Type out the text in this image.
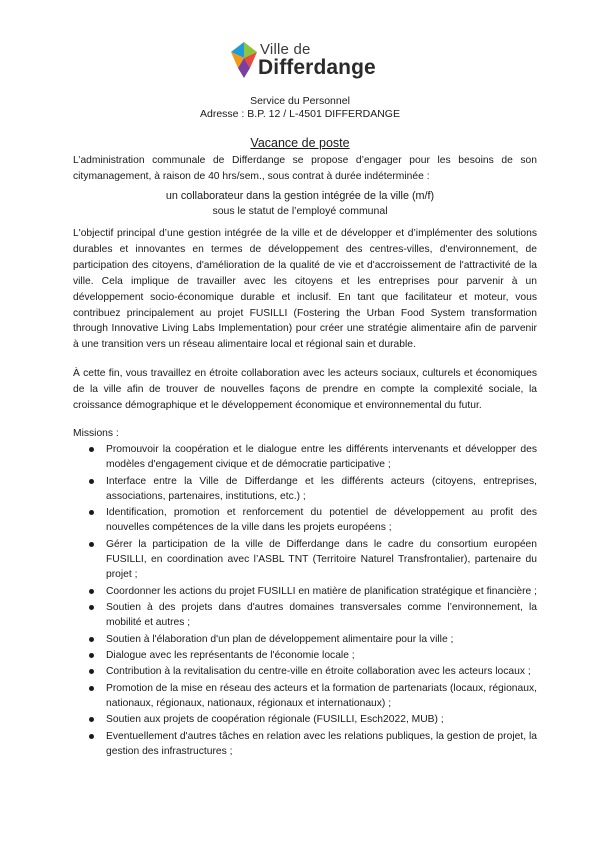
Ville de
Differdange
Service du Personnel
Adresse : B.P. 12 / L-4501 DIFFERDANGE
Vacance de poste
L’administration communale de Differdange se propose d’engager pour les besoins de son citymanagement, à raison de 40 hrs/sem., sous contrat à durée indéterminée :
un collaborateur dans la gestion intégrée de la ville (m/f)
sous le statut de l’employé communal
L'objectif principal d’une gestion intégrée de la ville et de développer et d’implémenter des solutions durables et innovantes en termes de développement des centres-villes, d'environnement, de participation des citoyens, d'amélioration de la qualité de vie et d'accroissement de l'attractivité de la ville. Cela implique de travailler avec les citoyens et les entreprises pour parvenir à un développement socio-économique durable et inclusif. En tant que facilitateur et moteur, vous contribuez principalement au projet FUSILLI (Fostering the Urban Food System transformation through Innovative Living Labs Implementation) pour créer une stratégie alimentaire afin de parvenir à une transition vers un réseau alimentaire local et régional sain et durable.
À cette fin, vous travaillez en étroite collaboration avec les acteurs sociaux, culturels et économiques de la ville afin de trouver de nouvelles façons de prendre en compte la complexité sociale, la croissance démographique et le développement économique et environnemental du futur.
Missions :
Promouvoir la coopération et le dialogue entre les différents intervenants et développer des modèles d'engagement civique et de démocratie participative ;
Interface entre la Ville de Differdange et les différents acteurs (citoyens, entreprises, associations, partenaires, institutions, etc.) ;
Identification, promotion et renforcement du potentiel de développement au profit des nouvelles compétences de la ville dans les projets européens ;
Gérer la participation de la ville de Differdange dans le cadre du consortium européen FUSILLI, en coordination avec l’ASBL TNT (Territoire Naturel Transfrontalier), partenaire du projet ;
Coordonner les actions du projet FUSILLI en matière de planification stratégique et financière ;
Soutien à des projets dans d'autres domaines transversales comme l’environnement, la mobilité et autres ;
Soutien à l'élaboration d'un plan de développement alimentaire pour la ville ;
Dialogue avec les représentants de l'économie locale ;
Contribution à la revitalisation du centre-ville en étroite collaboration avec les acteurs locaux ;
Promotion de la mise en réseau des acteurs et la formation de partenariats (locaux, régionaux, nationaux, régionaux, nationaux, régionaux et internationaux) ;
Soutien aux projets de coopération régionale (FUSILLI, Esch2022, MUB) ;
Eventuellement d'autres tâches en relation avec les relations publiques, la gestion de projet, la gestion des infrastructures ;
